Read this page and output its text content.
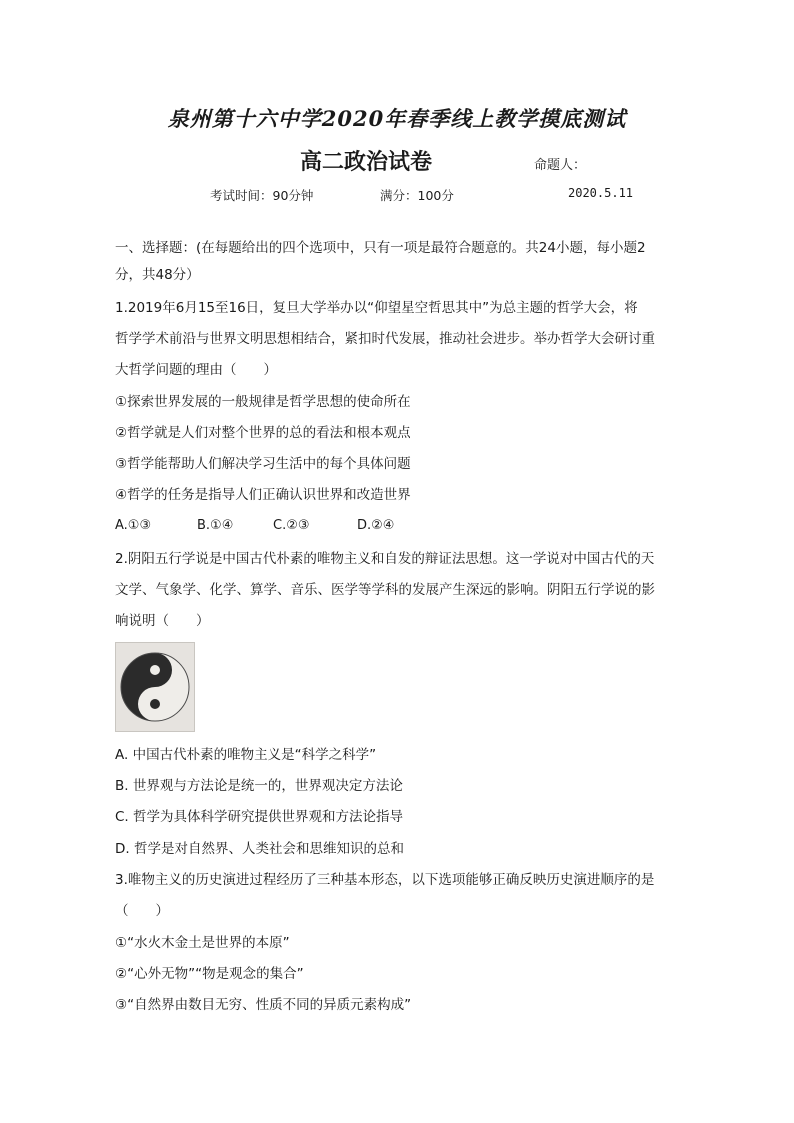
泉州第十六中学2020年春季线上教学摸底测试
高二政治试卷	命题人：
考试时间：90分钟	满分：100分	2020.5.11
一、选择题：(在每题给出的四个选项中，只有一项是最符合题意的。共24小题，每小题2
分，共48分）
1.2019年6月15至16日，复旦大学举办以“仰望星空哲思其中”为总主题的哲学大会，将
哲学学术前沿与世界文明思想相结合，紧扣时代发展，推动社会进步。举办哲学大会研讨重
大哲学问题的理由（　　）
①探索世界发展的一般规律是哲学思想的使命所在
②哲学就是人们对整个世界的总的看法和根本观点
③哲学能帮助人们解决学习生活中的每个具体问题
④哲学的任务是指导人们正确认识世界和改造世界
A.①③	B.①④	C.②③	D.②④
2.阴阳五行学说是中国古代朴素的唯物主义和自发的辩证法思想。这一学说对中国古代的天
文学、气象学、化学、算学、音乐、医学等学科的发展产生深远的影响。阴阳五行学说的影
响说明（　　）
A. 中国古代朴素的唯物主义是“科学之科学”
B. 世界观与方法论是统一的，世界观决定方法论
C. 哲学为具体科学研究提供世界观和方法论指导
D. 哲学是对自然界、人类社会和思维知识的总和
3.唯物主义的历史演进过程经历了三种基本形态，以下选项能够正确反映历史演进顺序的是
（　　）
①“水火木金土是世界的本原”
②“心外无物”“物是观念的集合”
③“自然界由数目无穷、性质不同的异质元素构成”
